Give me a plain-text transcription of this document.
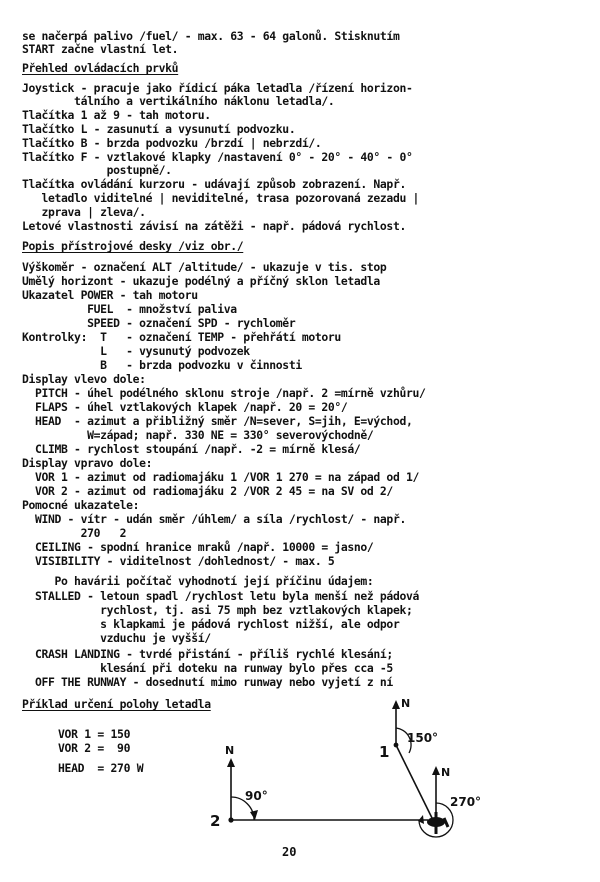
se načerpá palivo /fuel/ - max. 63 - 64 galonů. Stisknutím
START začne vlastní let.
Přehled ovládacích prvků
Joystick - pracuje jako řídicí páka letadla /řízení horizon-
tálního a vertikálního náklonu letadla/.
Tlačítka 1 až 9 - tah motoru.
Tlačítko L - zasunutí a vysunutí podvozku.
Tlačítko B - brzda podvozku /brzdí | nebrzdí/.
Tlačítko F - vztlakové klapky /nastavení 0° - 20° - 40° - 0°
postupně/.
Tlačítka ovládání kurzoru - udávají způsob zobrazení. Např.
letadlo viditelné | neviditelné, trasa pozorovaná zezadu |
zprava | zleva/.
Letové vlastnosti závisí na zátěži - např. pádová rychlost.
Popis přístrojové desky /viz obr./
Výškoměr - označení ALT /altitude/ - ukazuje v tis. stop
Umělý horizont - ukazuje podélný a příčný sklon letadla
Ukazatel POWER - tah motoru
FUEL  - množství paliva
SPEED - označení SPD - rychloměr
Kontrolky:  T   - označení TEMP - přehřátí motoru
L   - vysunutý podvozek
B   - brzda podvozku v činnosti
Display vlevo dole:
PITCH - úhel podélného sklonu stroje /např. 2 =mírně vzhůru/
FLAPS - úhel vztlakových klapek /např. 20 = 20°/
HEAD  - azimut a přibližný směr /N=sever, S=jih, E=východ,
W=západ; např. 330 NE = 330° severovýchodně/
CLIMB - rychlost stoupání /např. -2 = mírně klesá/
Display vpravo dole:
VOR 1 - azimut od radiomajáku 1 /VOR 1 270 = na západ od 1/
VOR 2 - azimut od radiomajáku 2 /VOR 2 45 = na SV od 2/
Pomocné ukazatele:
WIND - vítr - udán směr /úhlem/ a síla /rychlost/ - např.
270   2
CEILING - spodní hranice mraků /např. 10000 = jasno/
VISIBILITY - viditelnost /dohlednost/ - max. 5
Po havárii počítač vyhodnotí její příčinu údajem:
STALLED - letoun spadl /rychlost letu byla menší než pádová
rychlost, tj. asi 75 mph bez vztlakových klapek;
s klapkami je pádová rychlost nižší, ale odpor
vzduchu je vyšší/
CRASH LANDING - tvrdé přistání - příliš rychlé klesání;
klesání při doteku na runway bylo přes cca -5
OFF THE RUNWAY - dosednutí mimo runway nebo vyjetí z ní
Příklad určení polohy letadla
VOR 1 = 150
VOR 2 =  90
HEAD  = 270 W
N
90°
2
N
150°
1
N
270°
20
